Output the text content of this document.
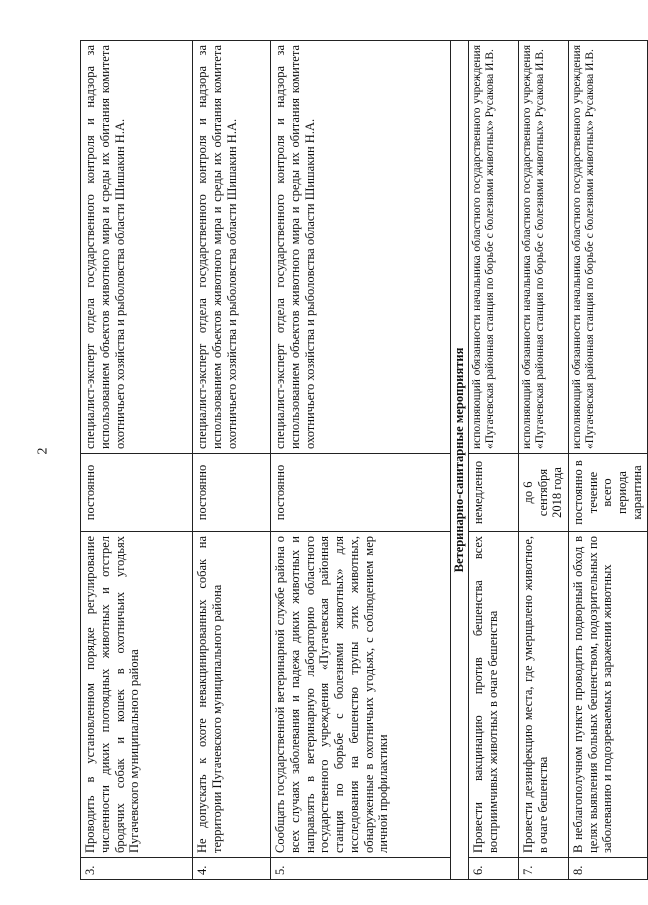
2
3.	Проводить в установленном порядке регулирование численности диких плотоядных животных и отстрел бродячих собак и кошек в охотничьих угодьях Пугачевского муниципального района	постоянно	специалист-эксперт отдела государственного контроля и надзора за использованием объектов животного мира и среды их обитания комитета охотничьего хозяйства и рыболовства области Шишакин Н.А.
4.	Не допускать к охоте невакцинированных собак на территории Пугачевского муниципального района	постоянно	специалист-эксперт отдела государственного контроля и надзора за использованием объектов животного мира и среды их обитания комитета охотничьего хозяйства и рыболовства области Шишакин Н.А.
5.	Сообщать государственной ветеринарной службе района о всех случаях заболевания и падежа диких животных и направлять в ветеринарную лабораторию областного государственного учреждения «Пугачевская районная станция по борьбе с болезнями животных» для исследования на бешенство трупы этих животных, обнаруженные в охотничьих угодьях, с соблюдением мер личной профилактики	постоянно	специалист-эксперт отдела государственного контроля и надзора за использованием объектов животного мира и среды их обитания комитета охотничьего хозяйства и рыболовства области Шишакин Н.А.
Ветеринарно-санитарные мероприятия			
6.	Провести вакцинацию против бешенства всех восприимчивых животных в очаге бешенства	немедленно	исполняющий обязанности начальника областного государственного учреждения «Пугачевская районная станция по борьбе с болезнями животных» Русакова И.В.
7.	Провести дезинфекцию места, где умерщвлено животное, в очаге бешенства	до 6 сентября 2018 года	исполняющий обязанности начальника областного государственного учреждения «Пугачевская районная станция по борьбе с болезнями животных» Русакова И.В.
8.	В неблагополучном пункте проводить подворный обход в целях выявления больных бешенством, подозрительных по заболеванию и подозреваемых в заражении животных	постоянно в течение всего периода карантина	исполняющий обязанности начальника областного государственного учреждения «Пугачевская районная станция по борьбе с болезнями животных» Русакова И.В.
